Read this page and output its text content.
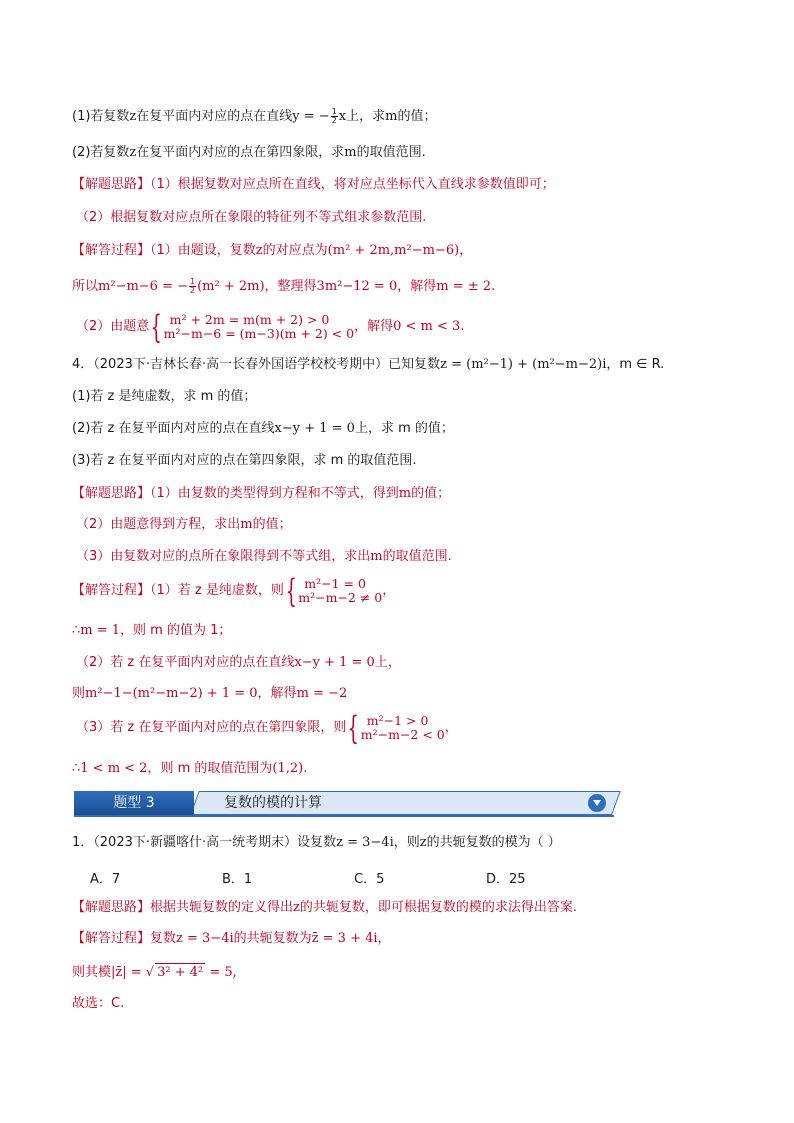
(1)若复数z在复平面内对应的点在直线y = − $\frac{1}{2}$ x上，求m的值；
(2)若复数z在复平面内对应的点在第四象限，求m的取值范围.
【解题思路】（1）根据复数对应点所在直线，将对应点坐标代入直线求参数值即可；
（2）根据复数对应点所在象限的特征列不等式组求参数范围.
【解答过程】（1）由题设，复数z的对应点为(m² + 2m,m²−m−6)，
所以m²−m−6 = − $\frac{1}{2} (m^2 + 2m)$，整理得3m²−12 = 0，解得m = ± 2.
（2）由题意{ m² + 2m = m(m + 2) > 0
m²−m−6 = (m−3)(m + 2) < 0 ，解得0 < m < 3.
4．（2023下·吉林长春·高一长春外国语学校校考期中）已知复数z = (m²−1) + (m²−m−2)i，m ∈ R.
(1)若 z 是纯虚数，求 m 的值；
(2)若 z 在复平面内对应的点在直线x−y + 1 = 0上，求 m 的值；
(3)若 z 在复平面内对应的点在第四象限，求 m 的取值范围.
【解题思路】（1）由复数的类型得到方程和不等式，得到m的值；
（2）由题意得到方程，求出m的值；
（3）由复数对应的点所在象限得到不等式组，求出m的取值范围.
【解答过程】（1）若 z 是纯虚数，则{ m²−1 = 0
m²−m−2 ≠ 0 ，
∴m = 1，则 m 的值为 1；
（2）若 z 在复平面内对应的点在直线x−y + 1 = 0上，
则m²−1−(m²−m−2) + 1 = 0，解得m = −2
（3）若 z 在复平面内对应的点在第四象限，则{ m²−1 > 0
m²−m−2 < 0 ，
∴1 < m < 2，则 m 的取值范围为(1,2).
题型 3	复数的模的计算
1．（2023下·新疆喀什·高一统考期末）设复数z = 3−4i，则z的共轭复数的模为（ ）
A．7	B．1	C．5	D．25
【解题思路】根据共轭复数的定义得出z的共轭复数，即可根据复数的模的求法得出答案.
【解答过程】复数z = 3−4i的共轭复数为z̄ = 3 + 4i，
则其模|z̄| = √ 3² + 4² = 5,
故选：C.
